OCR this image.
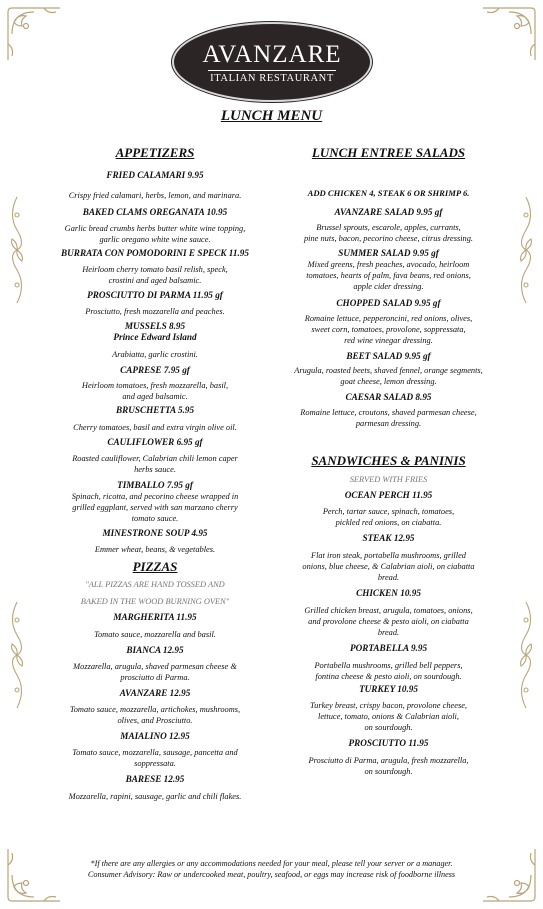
AVANZARE
ITALIAN RESTAURANT
LUNCH MENU
APPETIZERS
FRIED CALAMARI 9.95
Crispy fried calamari, herbs, lemon, and marinara.
BAKED CLAMS OREGANATA 10.95
Garlic bread crumbs herbs butter white wine topping,
garlic oregano white wine sauce.
BURRATA CON POMODORINI E SPECK 11.95
Heirloom cherry tomato basil relish, speck,
crostini and aged balsamic.
PROSCIUTTO DI PARMA 11.95 gf
Prosciutto, fresh mozzarella and peaches.
MUSSELS 8.95
Prince Edward Island
Arabiatta, garlic crostini.
CAPRESE 7.95 gf
Heirloom tomatoes, fresh mozzarella, basil,
and aged balsamic.
BRUSCHETTA 5.95
Cherry tomatoes, basil and extra virgin olive oil.
CAULIFLOWER 6.95 gf
Roasted cauliflower, Calabrian chili lemon caper
herbs sauce.
TIMBALLO 7.95 gf
Spinach, ricotta, and pecorino cheese wrapped in
grilled eggplant, served with san marzano cherry
tomato sauce.
MINESTRONE SOUP 4.95
Emmer wheat, beans, & vegetables.
PIZZAS
"ALL PIZZAS ARE HAND TOSSED AND
BAKED IN THE WOOD BURNING OVEN"
MARGHERITA 11.95
Tomato sauce, mozzarella and basil.
BIANCA 12.95
Mozzarella, arugula, shaved parmesan cheese &
prosciutto di Parma.
AVANZARE 12.95
Tomato sauce, mozzarella, artichokes, mushrooms,
olives, and Prosciutto.
MAIALINO 12.95
Tomato sauce, mozzarella, sausage, pancetta and
soppressata.
BARESE 12.95
Mozzarella, rapini, sausage, garlic and chili flakes.
LUNCH ENTREE SALADS
ADD CHICKEN 4, STEAK 6 OR SHRIMP 6.
AVANZARE SALAD 9.95 gf
Brussel sprouts, escarole, apples, currants,
pine nuts, bacon, pecorino cheese, citrus dressing.
SUMMER SALAD 9.95 gf
Mixed greens, fresh peaches, avocado, heirloom
tomatoes, hearts of palm, fava beans, red onions,
apple cider dressing.
CHOPPED SALAD 9.95 gf
Romaine lettuce, pepperoncini, red onions, olives,
sweet corn, tomatoes, provolone, soppressata,
red wine vinegar dressing.
BEET SALAD 9.95 gf
Arugula, roasted beets, shaved fennel, orange segments,
goat cheese, lemon dressing.
CAESAR SALAD 8.95
Romaine lettuce, croutons, shaved parmesan cheese,
parmesan dressing.
SANDWICHES & PANINIS
SERVED WITH FRIES
OCEAN PERCH 11.95
Perch, tartar sauce, spinach, tomatoes,
pickled red onions, on ciabatta.
STEAK 12.95
Flat iron steak, portabella mushrooms, grilled
onions, blue cheese, & Calabrian aioli, on ciabatta
bread.
CHICKEN 10.95
Grilled chicken breast, arugula, tomatoes, onions,
and provolone cheese & pesto aioli, on ciabatta
bread.
PORTABELLA 9.95
Portabella mushrooms, grilled bell peppers,
fontina cheese & pesto aioli, on sourdough.
TURKEY 10.95
Turkey breast, crispy bacon, provolone cheese,
lettuce, tomato, onions & Calabrian aioli,
on sourdough.
PROSCIUTTO 11.95
Prosciutto di Parma, arugula, fresh mozzarella,
on sourdough.
*If there are any allergies or any accommodations needed for your meal, please tell your server or a manager.
Consumer Advisory: Raw or undercooked meat, poultry, seafood, or eggs may increase risk of foodborne illness
